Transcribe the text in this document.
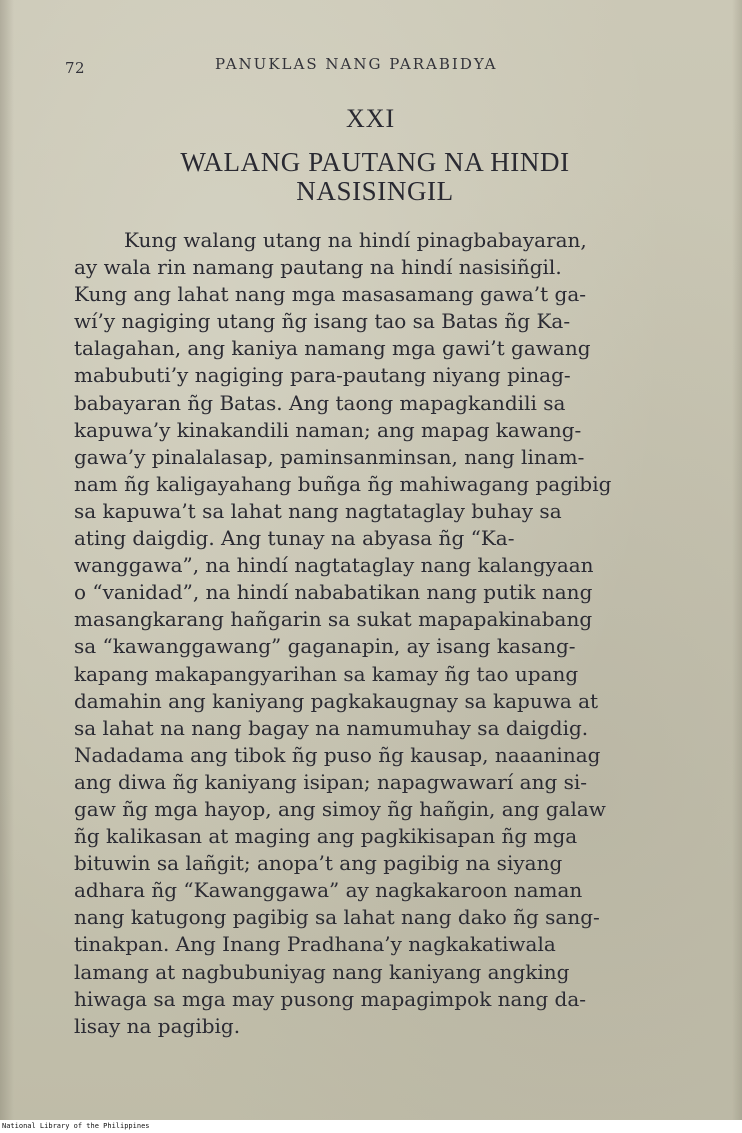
72	PANUKLAS NANG PARABIDYA
XXI
WALANG PAUTANG NA HINDI
NASISINGIL
Kung walang utang na hindí pinagbabayaran,
ay wala rin namang pautang na hindí nasisiñgil.
Kung ang lahat nang mga masasamang gawa’t ga-
wí’y nagiging utang ñg isang tao sa Batas ñg Ka-
talagahan, ang kaniya namang mga gawi’t gawang
mabubuti’y nagiging para-pautang niyang pinag-
babayaran ñg Batas. Ang taong mapagkandili sa
kapuwa’y kinakandili naman; ang mapag kawang-
gawa’y pinalalasap, paminsanminsan, nang linam-
nam ñg kaligayahang buñga ñg mahiwagang pagibig
sa kapuwa’t sa lahat nang nagtataglay buhay sa
ating daigdig. Ang tunay na abyasa ñg “Ka-
wanggawa”, na hindí nagtataglay nang kalangyaan
o “vanidad”, na hindí nababatikan nang putik nang
masangkarang hañgarin sa sukat mapapakinabang
sa “kawanggawang” gaganapin, ay isang kasang-
kapang makapangyarihan sa kamay ñg tao upang
damahin ang kaniyang pagkakaugnay sa kapuwa at
sa lahat na nang bagay na namumuhay sa daigdig.
Nadadama ang tibok ñg puso ñg kausap, naaaninag
ang diwa ñg kaniyang isipan; napagwawarí ang si-
gaw ñg mga hayop, ang simoy ñg hañgin, ang galaw
ñg kalikasan at maging ang pagkikisapan ñg mga
bituwin sa lañgit; anopa’t ang pagibig na siyang
adhara ñg “Kawanggawa” ay nagkakaroon naman
nang katugong pagibig sa lahat nang dako ñg sang-
tinakpan. Ang Inang Pradhana’y nagkakatiwala
lamang at nagbubuniyag nang kaniyang angking
hiwaga sa mga may pusong mapagimpok nang da-
lisay na pagibig.
National Library of the Philippines
